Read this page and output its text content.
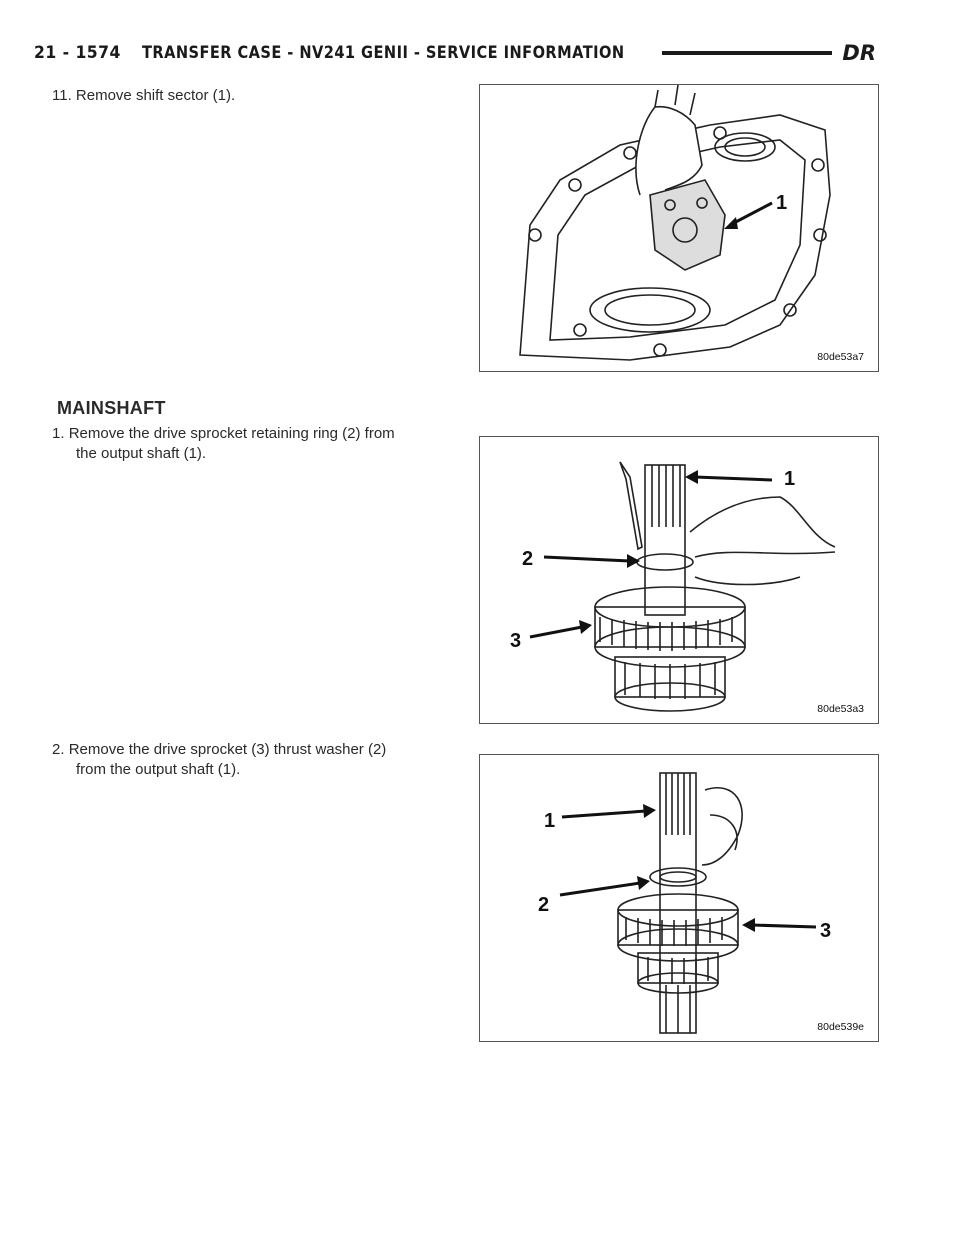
21 - 1574 TRANSFER CASE - NV241 GENII - SERVICE INFORMATION	DR
11. Remove shift sector (1).
1
80de53a7
MAINSHAFT
1. Remove the drive sprocket retaining ring (2) from
the output shaft (1).
1
2
3
80de53a3
2. Remove the drive sprocket (3) thrust washer (2)
from the output shaft (1).
1
2
3
80de539e
